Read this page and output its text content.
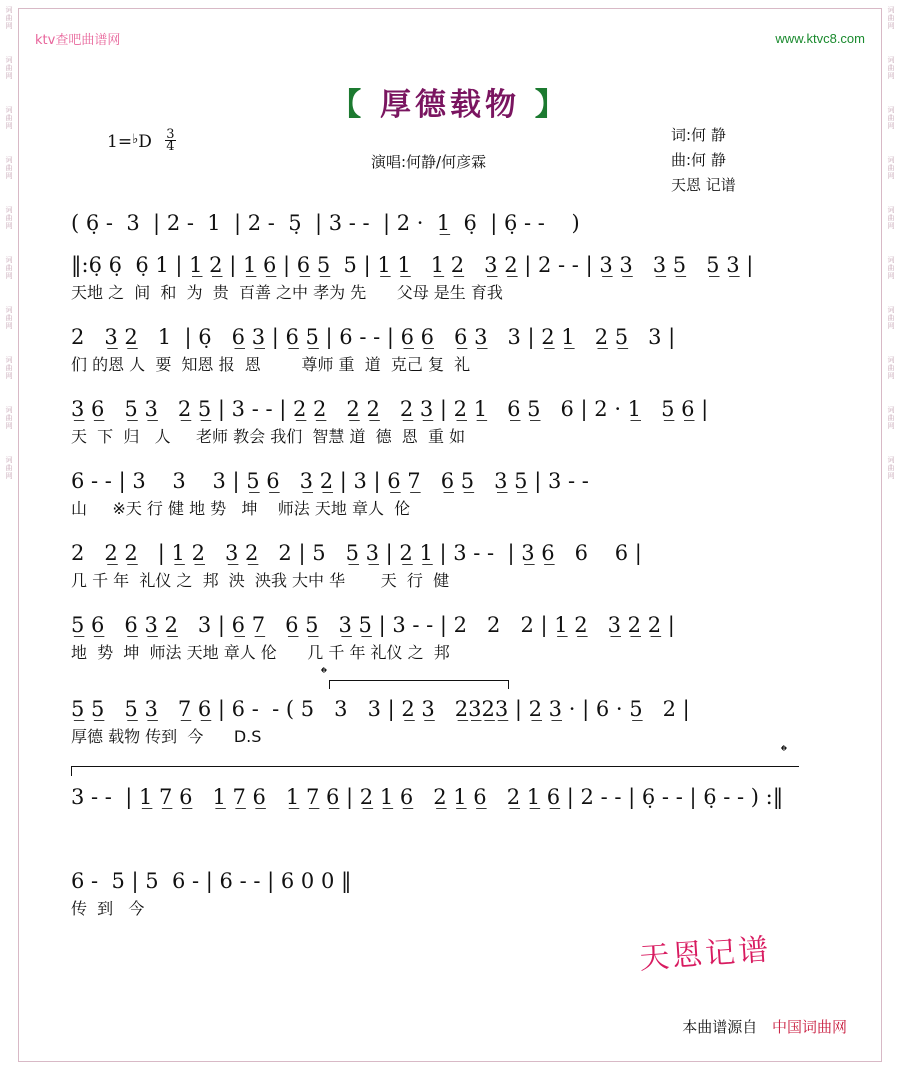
词
曲
网
词
曲
网
词
曲
网
词
曲
网
词
曲
网
词
曲
网
词
曲
网
词
曲
网
词
曲
网
词
曲
网
词
曲
网
词
曲
网
词
曲
网
词
曲
网
词
曲
网
词
曲
网
词
曲
网
词
曲
网
词
曲
网
词
曲
网
ktv查吧曲谱网	www.ktvc8.com
【 厚德载物 】
$1=^♭D \frac{3}{4}$
演唱:何静/何彦霖
词:何 静
曲:何 静
天恩 记谱
( 6̣ -  3  | 2 -  1  | 2 -  5̣  | 3 - -  | 2 ·  1̲  6̣  | 6̣ - -    )
‖:6̣ 6̣  6̣ 1 | 1̲ 2̲ | 1̲ 6̲ | 6̲ 5̲  5 | 1̲ 1̲   1̲ 2̲   3̲ 2̲ | 2 - - | 3̲ 3̲   3̲ 5̲   5̲ 3̲ |
天地 之  间  和  为  贵  百善 之中 孝为 先      父母 是生 育我
2   3̲ 2̲   1  | 6̣   6̲ 3̲ | 6̲ 5̲ | 6 - - | 6̲ 6̲   6̲ 3̲   3 | 2̲ 1̲   2̲ 5̲   3 |
们 的恩 人  要  知恩 报  恩        尊师 重  道  克己 复  礼
3̲ 6̲   5̲ 3̲   2̲ 5̲ | 3 - - | 2̲ 2̲   2̲ 2̲   2̲ 3̲ | 2̲ 1̲   6̲ 5̲   6 | 2 · 1̲   5̲ 6̲ |
天  下  归   人     老师 教会 我们  智慧 道  德  恩  重 如
6 - - | 3    3    3 | 5̲ 6̲   3̲ 2̲ | 3 | 6̲ 7̲   6̲ 5̲   3̲ 5̲ | 3 - -
山     ※天 行 健 地 势   坤    师法 天地 章人  伦
2   2̲ 2̲   | 1̲ 2̲   3̲ 2̲   2 | 5   5̲ 3̲ | 2̲ 1̲ | 3 - -  | 3̲ 6̲   6    6 |
几 千 年  礼仪 之  邦  泱  泱我 大中 华       天  行  健
5̲ 6̲   6̲ 3̲ 2̲   3 | 6̲ 7̲   6̲ 5̲   3̲ 5̲ | 3 - - | 2   2   2 | 1̲ 2̲   3̲ 2̲ 2̲ |
地  势  坤  师法 天地 章人 伦      几 千 年 礼仪 之  邦
𝄌
5̲ 5̲   5̲ 3̲   7̲ 6̲ | 6 -  - ( 5   3   3 | 2̲ 3̲   2̲3̲2̲3̲ | 2̲ 3̲ · | 6 · 5̲   2 |
厚德 载物 传到  今      D.S
𝄌
3 - -  | 1̲ 7̲ 6̲   1̲ 7̲ 6̲   1̲ 7̲ 6̲ | 2̲ 1̲ 6̲   2̲ 1̲ 6̲   2̲ 1̲ 6̲ | 2 - - | 6̣ - - | 6̣ - - ) :‖
6 -  5 | 5  6 - | 6 - - | 6 0 0 ‖
传  到   今
天恩记谱
本曲谱源自 中国词曲网
